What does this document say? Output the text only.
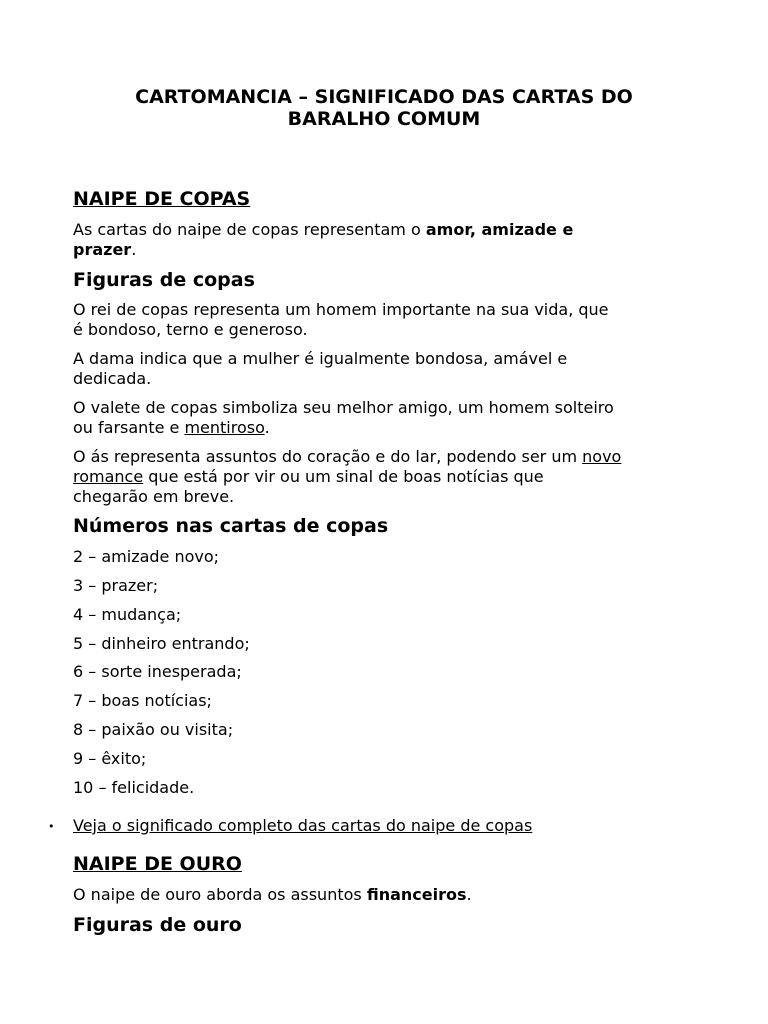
CARTOMANCIA – SIGNIFICADO DAS CARTAS DO
BARALHO COMUM
NAIPE DE COPAS
As cartas do naipe de copas representam o amor, amizade e
prazer.
Figuras de copas
O rei de copas representa um homem importante na sua vida, que
é bondoso, terno e generoso.
A dama indica que a mulher é igualmente bondosa, amável e
dedicada.
O valete de copas simboliza seu melhor amigo, um homem solteiro
ou farsante e mentiroso.
O ás representa assuntos do coração e do lar, podendo ser um novo
romance que está por vir ou um sinal de boas notícias que
chegarão em breve.
Números nas cartas de copas
2 – amizade novo;
3 – prazer;
4 – mudança;
5 – dinheiro entrando;
6 – sorte inesperada;
7 – boas notícias;
8 – paixão ou visita;
9 – êxito;
10 – felicidade.
• Veja o significado completo das cartas do naipe de copas
NAIPE DE OURO
O naipe de ouro aborda os assuntos financeiros.
Figuras de ouro
